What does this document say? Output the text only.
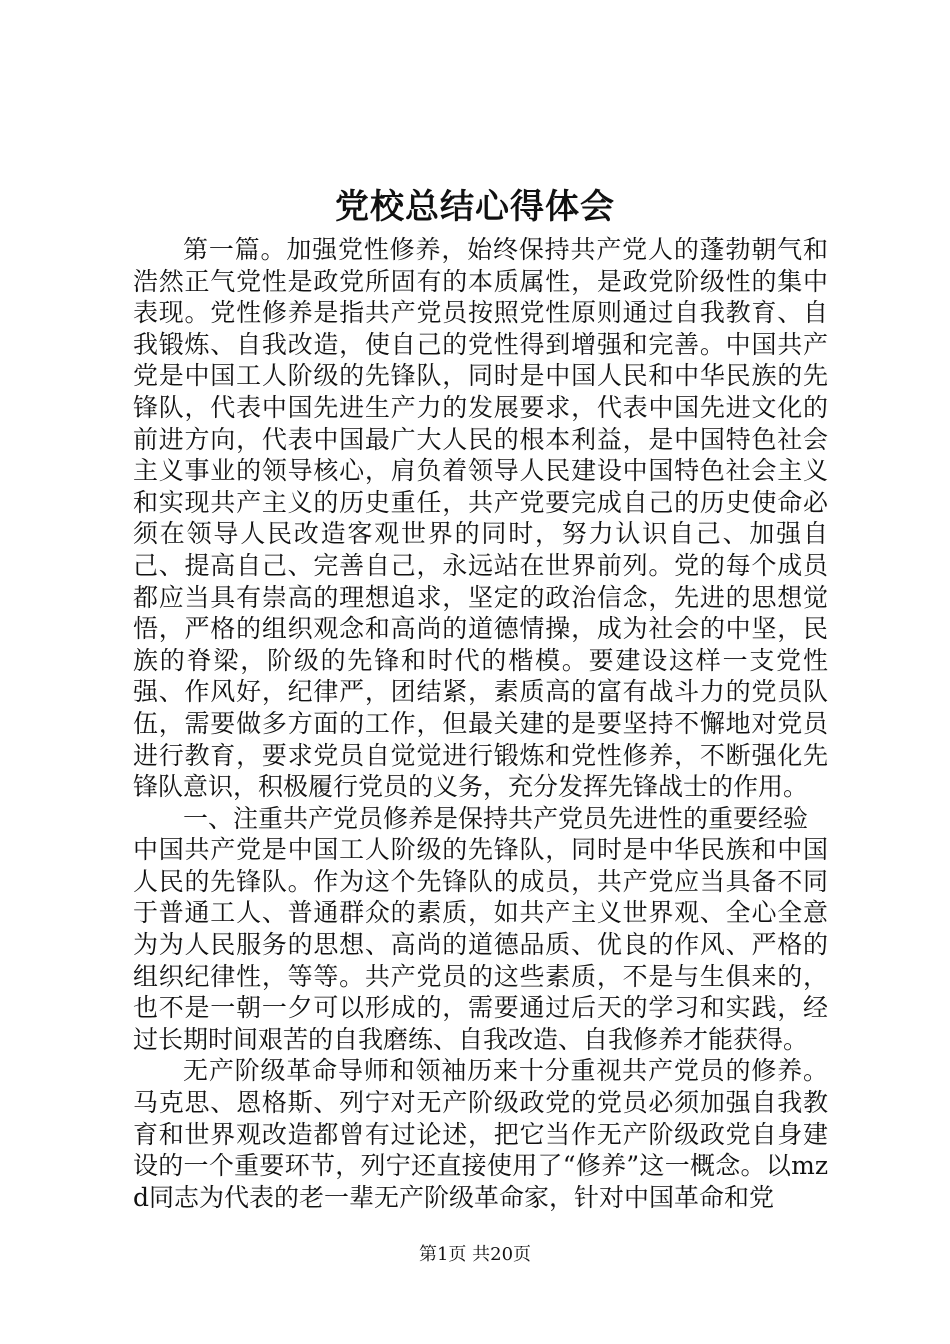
党校总结心得体会

第一篇。加强党性修养，始终保持共产党人的蓬勃朝气和浩然正气党性是政党所固有的本质属性，是政党阶级性的集中表现。党性修养是指共产党员按照党性原则通过自我教育、自我锻炼、自我改造，使自己的党性得到增强和完善。中国共产党是中国工人阶级的先锋队，同时是中国人民和中华民族的先锋队，代表中国先进生产力的发展要求，代表中国先进文化的前进方向，代表中国最广大人民的根本利益，是中国特色社会主义事业的领导核心，肩负着领导人民建设中国特色社会主义和实现共产主义的历史重任，共产党要完成自己的历史使命必须在领导人民改造客观世界的同时，努力认识自己、加强自己、提高自己、完善自己，永远站在世界前列。党的每个成员都应当具有崇高的理想追求，坚定的政治信念，先进的思想觉悟，严格的组织观念和高尚的道德情操，成为社会的中坚，民族的脊梁，阶级的先锋和时代的楷模。要建设这样一支党性强、作风好，纪律严，团结紧，素质高的富有战斗力的党员队伍，需要做多方面的工作，但最关建的是要坚持不懈地对党员进行教育，要求党员自觉觉进行锻炼和党性修养，不断强化先锋队意识，积极履行党员的义务，充分发挥先锋战士的作用。

一、注重共产党员修养是保持共产党员先进性的重要经验

中国共产党是中国工人阶级的先锋队，同时是中华民族和中国人民的先锋队。作为这个先锋队的成员，共产党应当具备不同于普通工人、普通群众的素质，如共产主义世界观、全心全意为为人民服务的思想、高尚的道德品质、优良的作风、严格的组织纪律性，等等。共产党员的这些素质，不是与生俱来的，也不是一朝一夕可以形成的，需要通过后天的学习和实践，经过长期时间艰苦的自我磨练、自我改造、自我修养才能获得。

无产阶级革命导师和领袖历来十分重视共产党员的修养。马克思、恩格斯、列宁对无产阶级政党的党员必须加强自我教育和世界观改造都曾有过论述，把它当作无产阶级政党自身建设的一个重要环节，列宁还直接使用了“修养”这一概念。以mzd同志为代表的老一辈无产阶级革命家，针对中国革命和党

第1页 共20页
